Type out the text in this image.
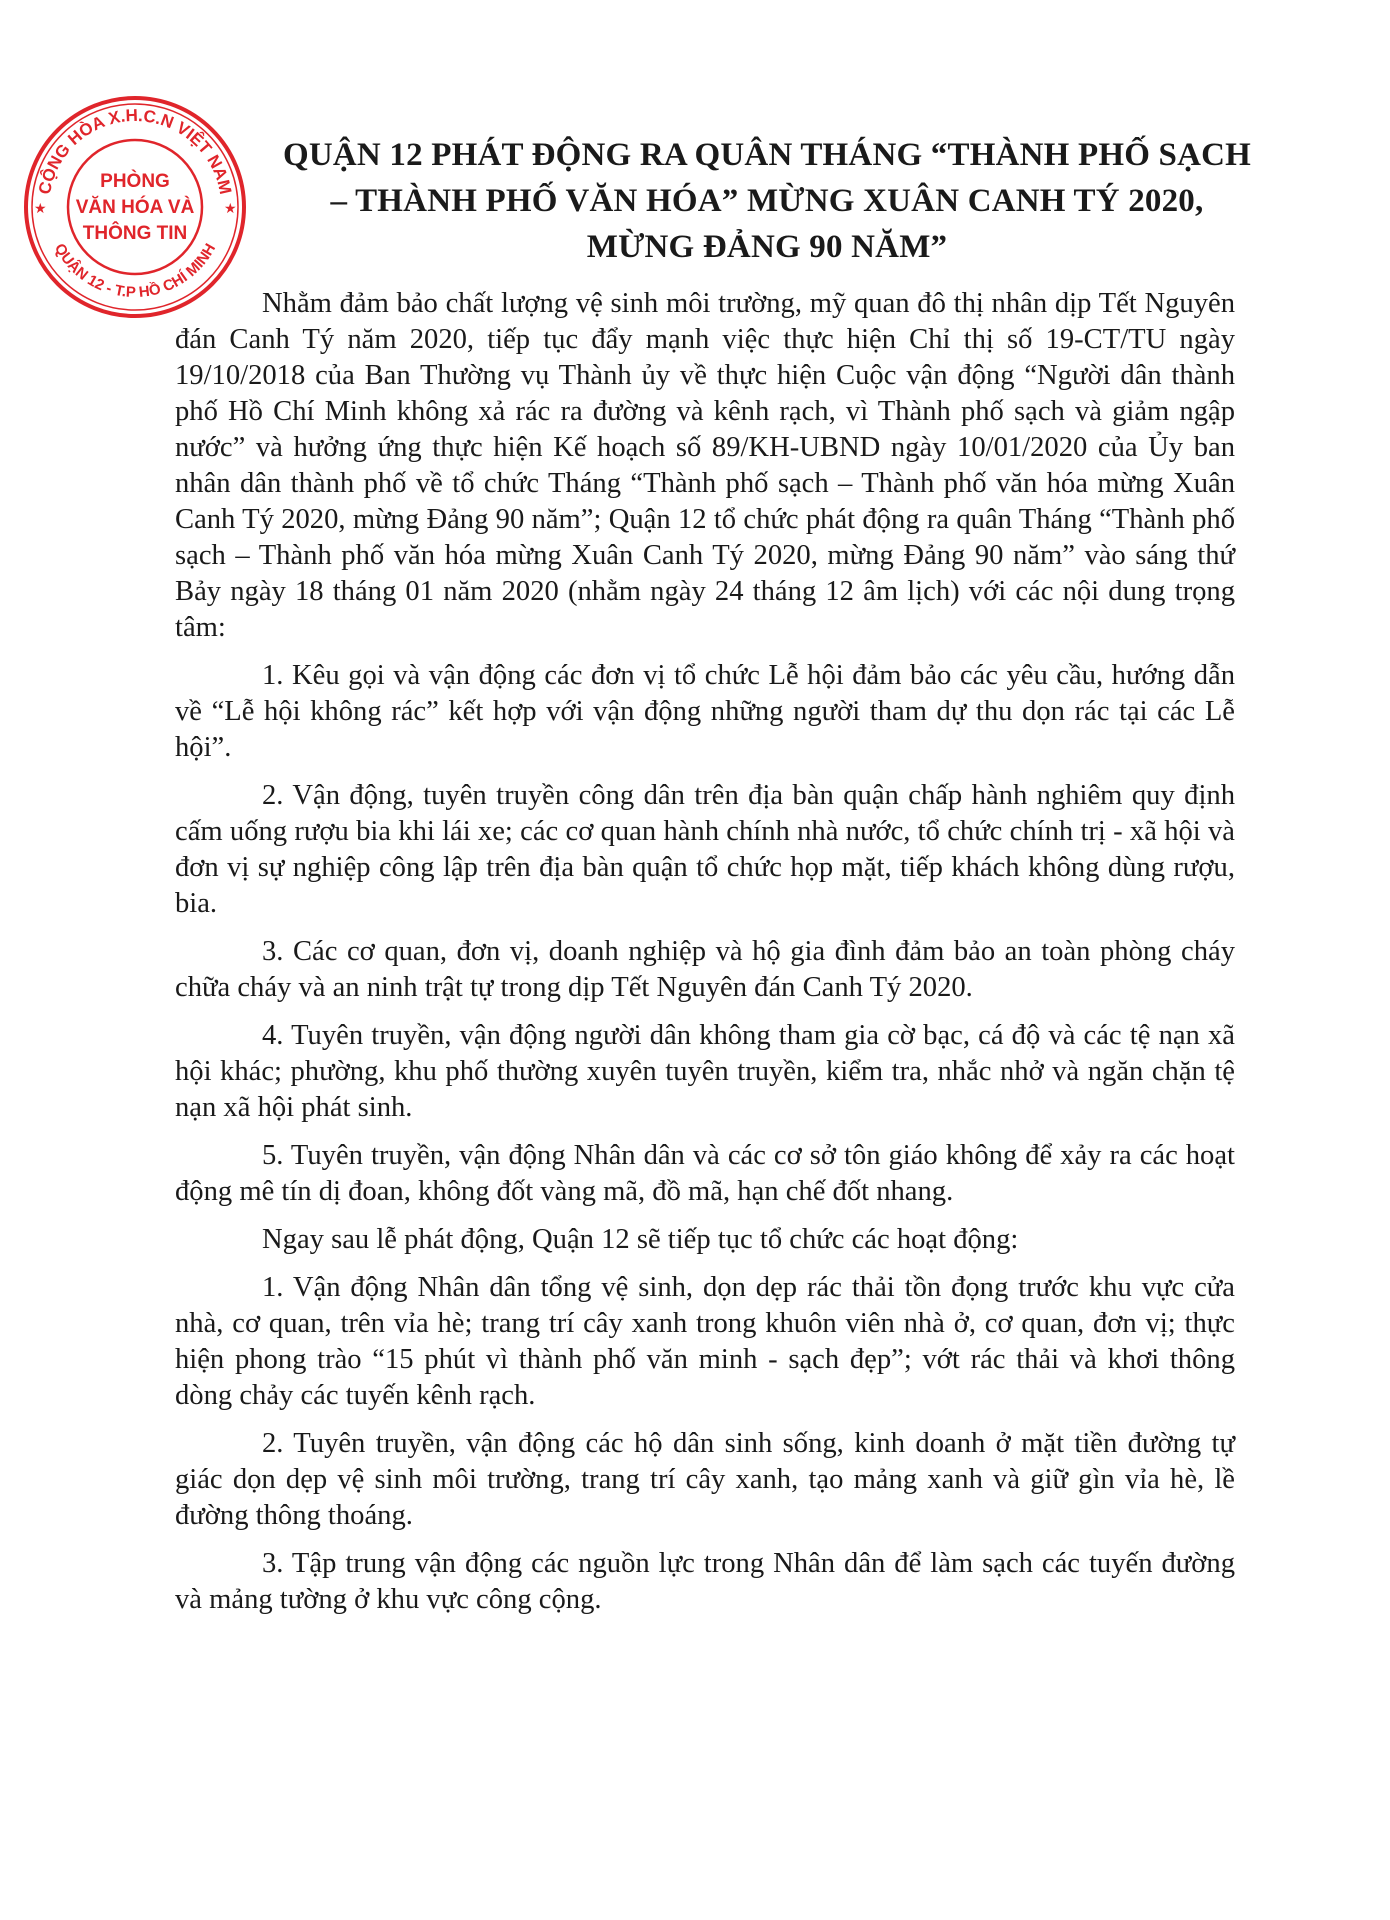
CỘNG HÒA X.H.C.N VIỆT NAM
QUẬN 12 - T.P HỒ CHÍ MINH
★	★
PHÒNG
VĂN HÓA VÀ
THÔNG TIN
QUẬN 12 PHÁT ĐỘNG RA QUÂN THÁNG “THÀNH PHỐ SẠCH
– THÀNH PHỐ VĂN HÓA” MỪNG XUÂN CANH TÝ 2020,
MỪNG ĐẢNG 90 NĂM”

Nhằm đảm bảo chất lượng vệ sinh môi trường, mỹ quan đô thị nhân dịp Tết Nguyên đán Canh Tý năm 2020, tiếp tục đẩy mạnh việc thực hiện Chỉ thị số 19-CT/TU ngày 19/10/2018 của Ban Thường vụ Thành ủy về thực hiện Cuộc vận động “Người dân thành phố Hồ Chí Minh không xả rác ra đường và kênh rạch, vì Thành phố sạch và giảm ngập nước” và hưởng ứng thực hiện Kế hoạch số 89/KH-UBND ngày 10/01/2020 của Ủy ban nhân dân thành phố về tổ chức Tháng “Thành phố sạch – Thành phố văn hóa mừng Xuân Canh Tý 2020, mừng Đảng 90 năm”; Quận 12 tổ chức phát động ra quân Tháng “Thành phố sạch – Thành phố văn hóa mừng Xuân Canh Tý 2020, mừng Đảng 90 năm” vào sáng thứ Bảy ngày 18 tháng 01 năm 2020 (nhằm ngày 24 tháng 12 âm lịch) với các nội dung trọng tâm:

1. Kêu gọi và vận động các đơn vị tổ chức Lễ hội đảm bảo các yêu cầu, hướng dẫn về “Lễ hội không rác” kết hợp với vận động những người tham dự thu dọn rác tại các Lễ hội”.

2. Vận động, tuyên truyền công dân trên địa bàn quận chấp hành nghiêm quy định cấm uống rượu bia khi lái xe; các cơ quan hành chính nhà nước, tổ chức chính trị - xã hội và đơn vị sự nghiệp công lập trên địa bàn quận tổ chức họp mặt, tiếp khách không dùng rượu, bia.

3. Các cơ quan, đơn vị, doanh nghiệp và hộ gia đình đảm bảo an toàn phòng cháy chữa cháy và an ninh trật tự trong dịp Tết Nguyên đán Canh Tý 2020.

4. Tuyên truyền, vận động người dân không tham gia cờ bạc, cá độ và các tệ nạn xã hội khác; phường, khu phố thường xuyên tuyên truyền, kiểm tra, nhắc nhở và ngăn chặn tệ nạn xã hội phát sinh.

5. Tuyên truyền, vận động Nhân dân và các cơ sở tôn giáo không để xảy ra các hoạt động mê tín dị đoan, không đốt vàng mã, đồ mã, hạn chế đốt nhang.

Ngay sau lễ phát động, Quận 12 sẽ tiếp tục tổ chức các hoạt động:

1. Vận động Nhân dân tổng vệ sinh, dọn dẹp rác thải tồn đọng trước khu vực cửa nhà, cơ quan, trên vỉa hè; trang trí cây xanh trong khuôn viên nhà ở, cơ quan, đơn vị; thực hiện phong trào “15 phút vì thành phố văn minh - sạch đẹp”; vớt rác thải và khơi thông dòng chảy các tuyến kênh rạch.

2. Tuyên truyền, vận động các hộ dân sinh sống, kinh doanh ở mặt tiền đường tự giác dọn dẹp vệ sinh môi trường, trang trí cây xanh, tạo mảng xanh và giữ gìn vỉa hè, lề đường thông thoáng.

3. Tập trung vận động các nguồn lực trong Nhân dân để làm sạch các tuyến đường và mảng tường ở khu vực công cộng.
